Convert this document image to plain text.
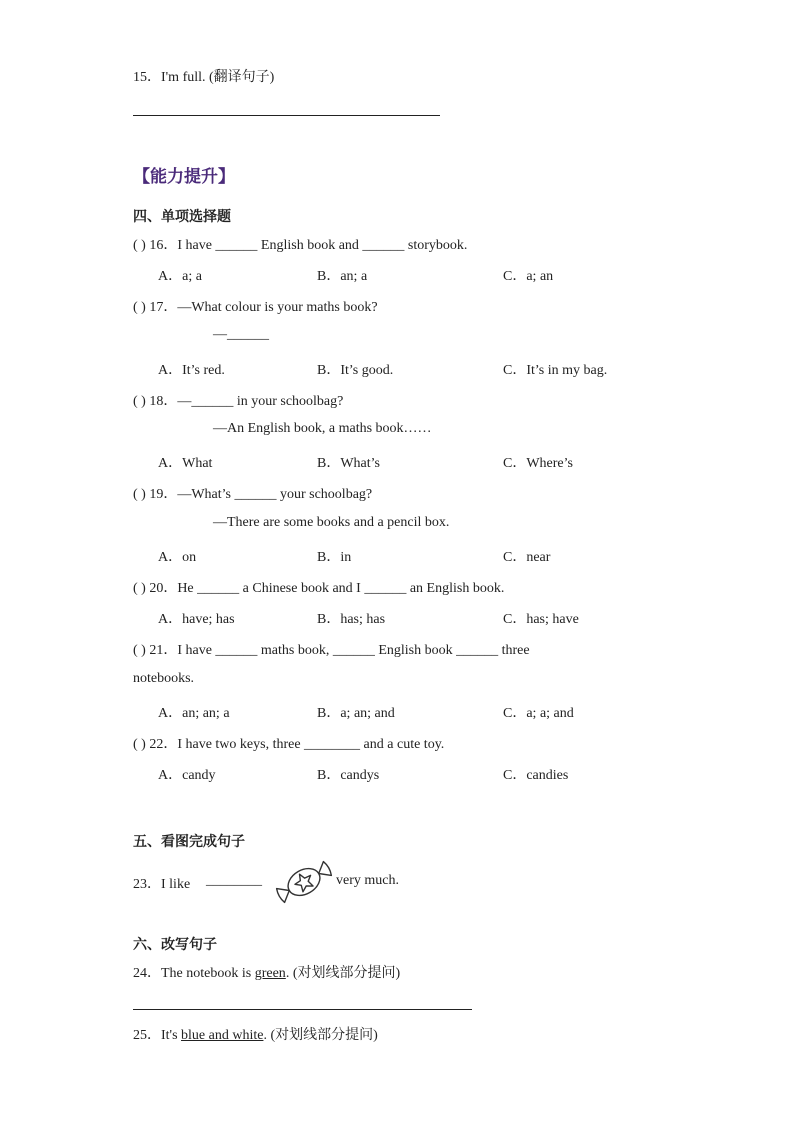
15．I'm full. (翻译句子)
【能力提升】
四、单项选择题
( ) 16．I have ______ English book and ______ storybook.
A．a; a	B．an; a	C．a; an
( ) 17．—What colour is your maths book?
—______
A．It’s red.	B．It’s good.	C．It’s in my bag.
( ) 18．—______ in your schoolbag?
—An English book, a maths book……
A．What	B．What’s	C．Where’s
( ) 19．—What’s ______ your schoolbag?
—There are some books and a pencil box.
A．on	B．in	C．near
( ) 20．He ______ a Chinese book and I ______ an English book.
A．have; has	B．has; has	C．has; have
( ) 21．I have ______ maths book, ______ English book ______ three
notebooks.
A．an; an; a	B．a; an; and	C．a; a; and
( ) 22．I have two keys, three ________ and a cute toy.
A．candy	B．candys	C．candies
五、看图完成句子
23．I like ________	very much.
六、改写句子
24．The notebook is green. (对划线部分提问)
25．It's blue and white. (对划线部分提问)
